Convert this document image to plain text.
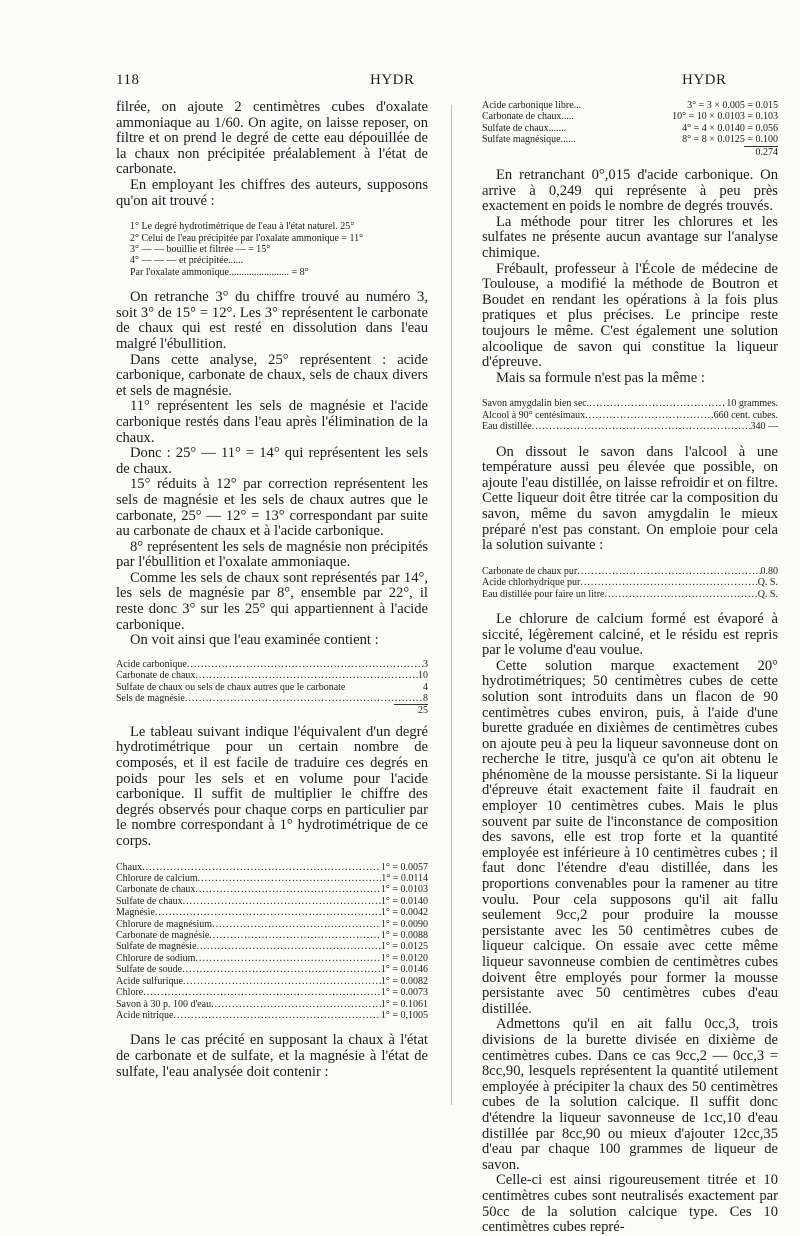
118	HYDR	HYDR

filrée, on ajoute 2 centimètres cubes d'oxalate ammoniaque au 1/60. On agite, on laisse reposer, on filtre et on prend le degré de cette eau dépouillée de la chaux non précipitée préalablement à l'état de carbonate.

En employant les chiffres des auteurs, supposons qu'on ait trouvé :

1° Le degré hydrotimétrique de l'eau à l'état naturel. 25°
2° Celui de l'eau précipitée par l'oxalate ammonique = 11°
3° — — bouillie et filtrée — = 15°
4° — — — et précipitée......
Par l'oxalate ammonique........................ = 8°

On retranche 3° du chiffre trouvé au numéro 3, soit 3° de 15° = 12°. Les 3° représentent le carbonate de chaux qui est resté en dissolution dans l'eau malgré l'ébullition.

Dans cette analyse, 25° représentent : acide carbonique, carbonate de chaux, sels de chaux divers et sels de magnésie.

11° représentent les sels de magnésie et l'acide carbonique restés dans l'eau après l'élimination de la chaux.

Donc : 25° — 11° = 14° qui représentent les sels de chaux.

15° réduits à 12° par correction représentent les sels de magnésie et les sels de chaux autres que le carbonate, 25° — 12° = 13° correspondant par suite au carbonate de chaux et à l'acide carbonique.

8° représentent les sels de magnésie non précipités par l'ébullition et l'oxalate ammoniaque.

Comme les sels de chaux sont représentés par 14°, les sels de magnésie par 8°, ensemble par 22°, il reste donc 3° sur les 25° qui appartiennent à l'acide carbonique.

On voit ainsi que l'eau examinée contient :

Acide carbonique .....	3
Carbonate de chaux .....	10
Sulfate de chaux ou sels de chaux autres que le carbonate	4
Sels de magnésie .....	8
25

Le tableau suivant indique l'équivalent d'un degré hydrotimétrique pour un certain nombre de composés, et il est facile de traduire ces degrés en poids pour les sels et en volume pour l'acide carbonique. Il suffit de multiplier le chiffre des degrés observés pour chaque corps en particulier par le nombre correspondant à 1° hydrotimétrique de ce corps.

Chaux .....	1° = 0.0057
Chlorure de calcium .....	1° = 0.0114
Carbonate de chaux .....	1° = 0.0103
Sulfate de chaux .....	1° = 0.0140
Magnésie .....	1° = 0.0042
Chlorure de magnésium .....	1° = 0.0090
Carbonate de magnésie .....	1° = 0.0088
Sulfate de magnésie .....	1° = 0.0125
Chlorure de sodium .....	1° = 0.0120
Sulfate de soude .....	1° = 0.0146
Acide sulfurique .....	1° = 0.0082
Chlore .....	1° = 0.0073
Savon à 30 p. 100 d'eau .....	1° = 0.1061
Acide nitrique .....	1° = 0,1005

Dans le cas précité en supposant la chaux à l'état de carbonate et de sulfate, et la magnésie à l'état de sulfate, l'eau analysée doit contenir :

Acide carbonique libre...	3° = 3 × 0.005 = 0.015
Carbonate de chaux.....	10° = 10 × 0.0103 = 0.103
Sulfate de chaux.......	4° = 4 × 0.0140 = 0.056
Sulfate magnésique......	8° = 8 × 0.0125 = 0.100
0.274

En retranchant 0°,015 d'acide carbonique. On arrive à 0,249 qui représente à peu près exactement en poids le nombre de degrés trouvés.

La méthode pour titrer les chlorures et les sulfates ne présente aucun avantage sur l'analyse chimique.

Frébault, professeur à l'École de médecine de Toulouse, a modifié la méthode de Boutron et Boudet en rendant les opérations à la fois plus pratiques et plus précises. Le principe reste toujours le même. C'est également une solution alcoolique de savon qui constitue la liqueur d'épreuve.

Mais sa formule n'est pas la même :

Savon amygdalin bien sec. .....	10 grammes.
Alcool à 90° centésimaux .....	660 cent. cubes.
Eau distillée .....	340 —

On dissout le savon dans l'alcool à une température aussi peu élevée que possible, on ajoute l'eau distillée, on laisse refroidir et on filtre. Cette liqueur doit être titrée car la composition du savon, même du savon amygdalin le mieux préparé n'est pas constant. On emploie pour cela la solution suivante :

Carbonate de chaux pur .....	0.80
Acide chlorhydrique pur .....	Q. S.
Eau distillée pour faire un litre .....	Q. S.

Le chlorure de calcium formé est évaporé à siccité, légèrement calciné, et le résidu est repris par le volume d'eau voulue.

Cette solution marque exactement 20° hydrotimétriques; 50 centimètres cubes de cette solution sont introduits dans un flacon de 90 centimètres cubes environ, puis, à l'aide d'une burette graduée en dixièmes de centimètres cubes on ajoute peu à peu la liqueur savonneuse dont on recherche le titre, jusqu'à ce qu'on ait obtenu le phénomène de la mousse persistante. Si la liqueur d'épreuve était exactement faite il faudrait en employer 10 centimètres cubes. Mais le plus souvent par suite de l'inconstance de composition des savons, elle est trop forte et la quantité employée est inférieure à 10 centimètres cubes ; il faut donc l'étendre d'eau distillée, dans les proportions convenables pour la ramener au titre voulu. Pour cela supposons qu'il ait fallu seulement 9cc,2 pour produire la mousse persistante avec les 50 centimètres cubes de liqueur calcique. On essaie avec cette même liqueur savonneuse combien de centimètres cubes doivent être employés pour former la mousse persistante avec 50 centimètres cubes d'eau distillée.

Admettons qu'il en ait fallu 0cc,3, trois divisions de la burette divisée en dixième de centimètres cubes. Dans ce cas 9cc,2 — 0cc,3 = 8cc,90, lesquels représentent la quantité utilement employée à précipiter la chaux des 50 centimètres cubes de la solution calcique. Il suffit donc d'étendre la liqueur savonneuse de 1cc,10 d'eau distillée par 8cc,90 ou mieux d'ajouter 12cc,35 d'eau par chaque 100 grammes de liqueur de savon.

Celle-ci est ainsi rigoureusement titrée et 10 centimètres cubes sont neutralisés exactement par 50cc de la solution calcique type. Ces 10 centimètres cubes repré-
